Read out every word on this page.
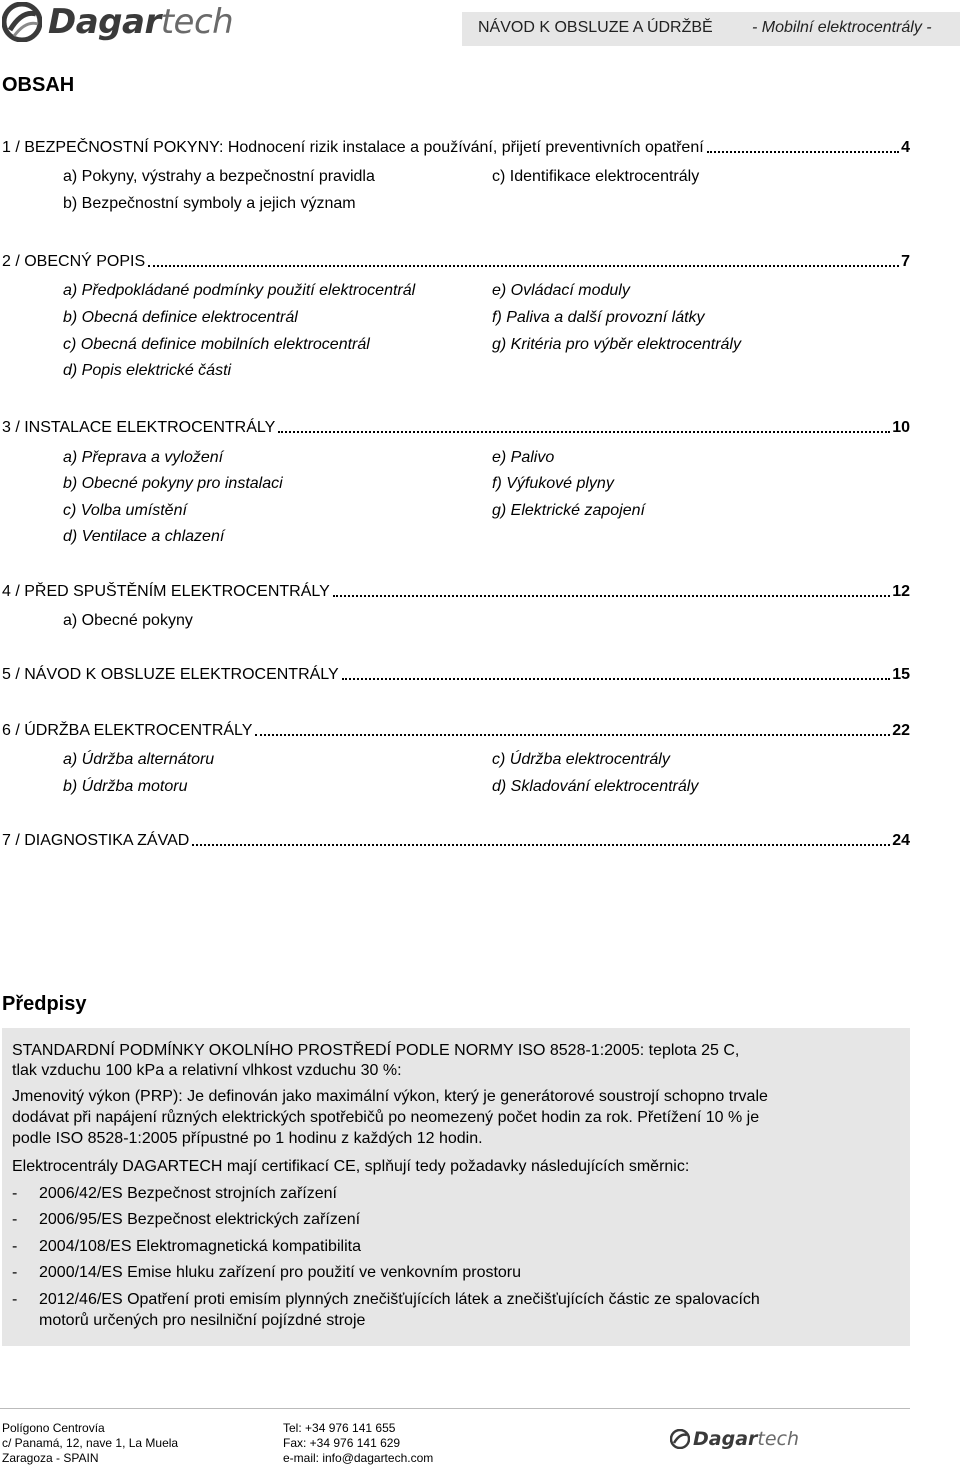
Dagartech	NÁVOD K OBSLUZE A ÚDRŽBĚ - Mobilní elektrocentrály -
OBSAH
1 / BEZPEČNOSTNÍ POKYNY: Hodnocení rizik instalace a používání, přijetí preventivních opatření	4
a) Pokyny, výstrahy a bezpečnostní pravidla
b) Bezpečnostní symboly a jejich význam
c) Identifikace elektrocentrály
2 / OBECNÝ POPIS	7
a) Předpokládané podmínky použití elektrocentrál
b) Obecná definice elektrocentrál
c) Obecná definice mobilních elektrocentrál
d) Popis elektrické části
e) Ovládací moduly
f) Paliva a další provozní látky
g) Kritéria pro výběr elektrocentrály
3 / INSTALACE ELEKTROCENTRÁLY	10
a) Přeprava a vyložení
b) Obecné pokyny pro instalaci
c) Volba umístění
d) Ventilace a chlazení
e) Palivo
f) Výfukové plyny
g) Elektrické zapojení
4 / PŘED SPUŠTĚNÍM ELEKTROCENTRÁLY	12
a) Obecné pokyny
5 / NÁVOD K OBSLUZE ELEKTROCENTRÁLY	15
6 / ÚDRŽBA ELEKTROCENTRÁLY	22
a) Údržba alternátoru
b) Údržba motoru
c) Údržba elektrocentrály
d) Skladování elektrocentrály
7 / DIAGNOSTIKA ZÁVAD	24
Předpisy
STANDARDNÍ PODMÍNKY OKOLNÍHO PROSTŘEDÍ PODLE NORMY ISO 8528-1:2005: teplota 25 C,
tlak vzduchu 100 kPa a relativní vlhkost vzduchu 30 %:
Jmenovitý výkon (PRP): Je definován jako maximální výkon, který je generátorové soustrojí schopno trvale
dodávat při napájení různých elektrických spotřebičů po neomezený počet hodin za rok. Přetížení 10 % je
podle ISO 8528-1:2005 přípustné po 1 hodinu z každých 12 hodin.
Elektrocentrály DAGARTECH mají certifikací CE, splňují tedy požadavky následujících směrnic:
- 2006/42/ES Bezpečnost strojních zařízení
- 2006/95/ES Bezpečnost elektrických zařízení
- 2004/108/ES Elektromagnetická kompatibilita
- 2000/14/ES Emise hluku zařízení pro použití ve venkovním prostoru
- 2012/46/ES Opatření proti emisím plynných znečišťujících látek a znečišťujících částic ze spalovacích
motorů určených pro nesilniční pojízdné stroje
Polígono Centrovía
c/ Panamá, 12, nave 1, La Muela
Zaragoza - SPAIN
Tel: +34 976 141 655
Fax: +34 976 141 629
e-mail: info@dagartech.com
Dagartech
